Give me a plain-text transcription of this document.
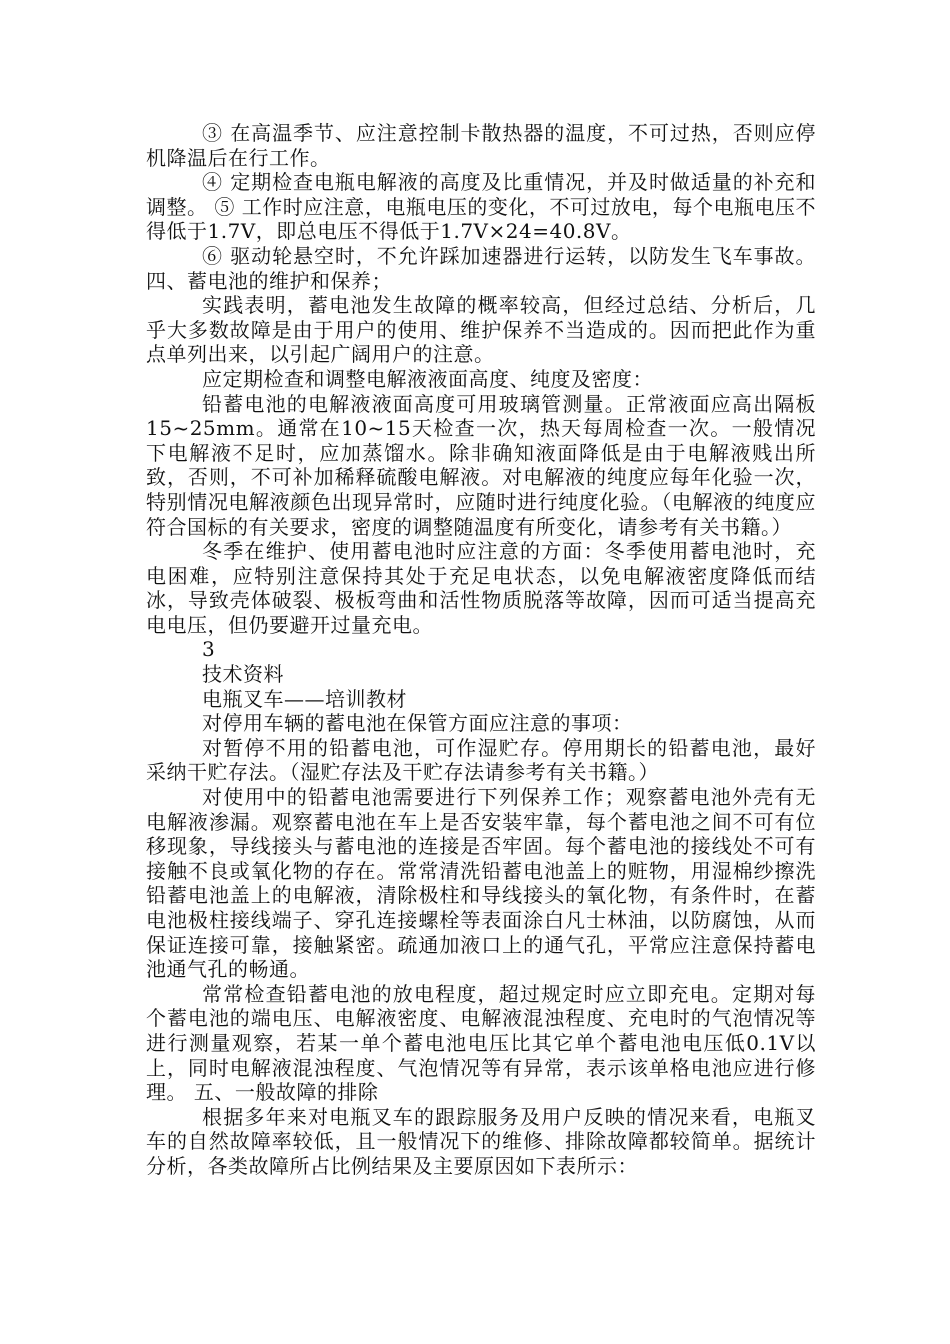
③ 在高温季节、应注意控制卡散热器的温度，不可过热，否则应停机降温后在行工作。

④ 定期检查电瓶电解液的高度及比重情况，并及时做适量的补充和调整。 ⑤ 工作时应注意，电瓶电压的变化，不可过放电，每个电瓶电压不得低于1.7V，即总电压不得低于1.7V×24=40.8V。

⑥ 驱动轮悬空时，不允许踩加速器进行运转，以防发生飞车事故。 四、蓄电池的维护和保养；

实践表明，蓄电池发生故障的概率较高，但经过总结、分析后，几乎大多数故障是由于用户的使用、维护保养不当造成的。因而把此作为重点单列出来，以引起广阔用户的注意。

应定期检查和调整电解液液面高度、纯度及密度：

铅蓄电池的电解液液面高度可用玻璃管测量。正常液面应高出隔板15~25mm。通常在10~15天检查一次，热天每周检查一次。一般情况下电解液不足时，应加蒸馏水。除非确知液面降低是由于电解液贱出所致，否则，不可补加稀释硫酸电解液。对电解液的纯度应每年化验一次，特别情况电解液颜色出现异常时，应随时进行纯度化验。（电解液的纯度应符合国标的有关要求，密度的调整随温度有所变化，请参考有关书籍。）

冬季在维护、使用蓄电池时应注意的方面：冬季使用蓄电池时，充电困难，应特别注意保持其处于充足电状态，以免电解液密度降低而结冰，导致壳体破裂、极板弯曲和活性物质脱落等故障，因而可适当提高充电电压，但仍要避开过量充电。

3

技术资料

电瓶叉车——培训教材

对停用车辆的蓄电池在保管方面应注意的事项：

对暂停不用的铅蓄电池，可作湿贮存。停用期长的铅蓄电池，最好采纳干贮存法。（湿贮存法及干贮存法请参考有关书籍。）

对使用中的铅蓄电池需要进行下列保养工作；观察蓄电池外壳有无电解液渗漏。观察蓄电池在车上是否安装牢靠，每个蓄电池之间不可有位移现象，导线接头与蓄电池的连接是否牢固。每个蓄电池的接线处不可有接触不良或氧化物的存在。常常清洗铅蓄电池盖上的赃物，用湿棉纱擦洗铅蓄电池盖上的电解液，清除极柱和导线接头的氧化物，有条件时，在蓄电池极柱接线端子、穿孔连接螺栓等表面涂白凡士林油，以防腐蚀，从而保证连接可靠，接触紧密。疏通加液口上的通气孔，平常应注意保持蓄电池通气孔的畅通。

常常检查铅蓄电池的放电程度，超过规定时应立即充电。定期对每个蓄电池的端电压、电解液密度、电解液混浊程度、充电时的气泡情况等进行测量观察，若某一单个蓄电池电压比其它单个蓄电池电压低0.1V以上，同时电解液混浊程度、气泡情况等有异常，表示该单格电池应进行修理。 五、一般故障的排除

根据多年来对电瓶叉车的跟踪服务及用户反映的情况来看，电瓶叉车的自然故障率较低，且一般情况下的维修、排除故障都较简单。据统计分析，各类故障所占比例结果及主要原因如下表所示：
